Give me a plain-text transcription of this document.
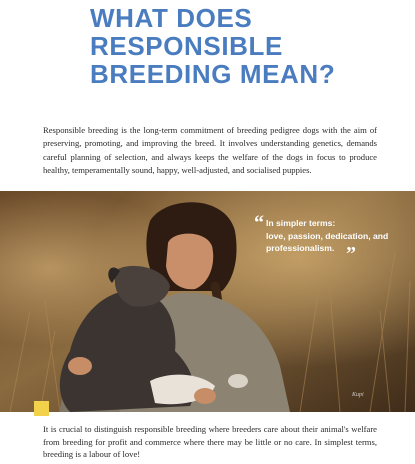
WHAT DOES
RESPONSIBLE
BREEDING MEAN?

Responsible breeding is the long-term commitment of breeding pedigree dogs with the aim of preserving, promoting, and improving the breed. It involves understanding genetics, demands careful planning of selection, and always keeps the welfare of the dogs in focus to produce healthy, temperamentally sound, happy, well-adjusted, and socialised puppies.

“ In simpler terms:
love, passion, dedication, and
professionalism. ”
Kupi

It is crucial to distinguish responsible breeding where breeders care about their animal's welfare from breeding for profit and commerce where there may be little or no care. In simplest terms, breeding is a labour of love!
